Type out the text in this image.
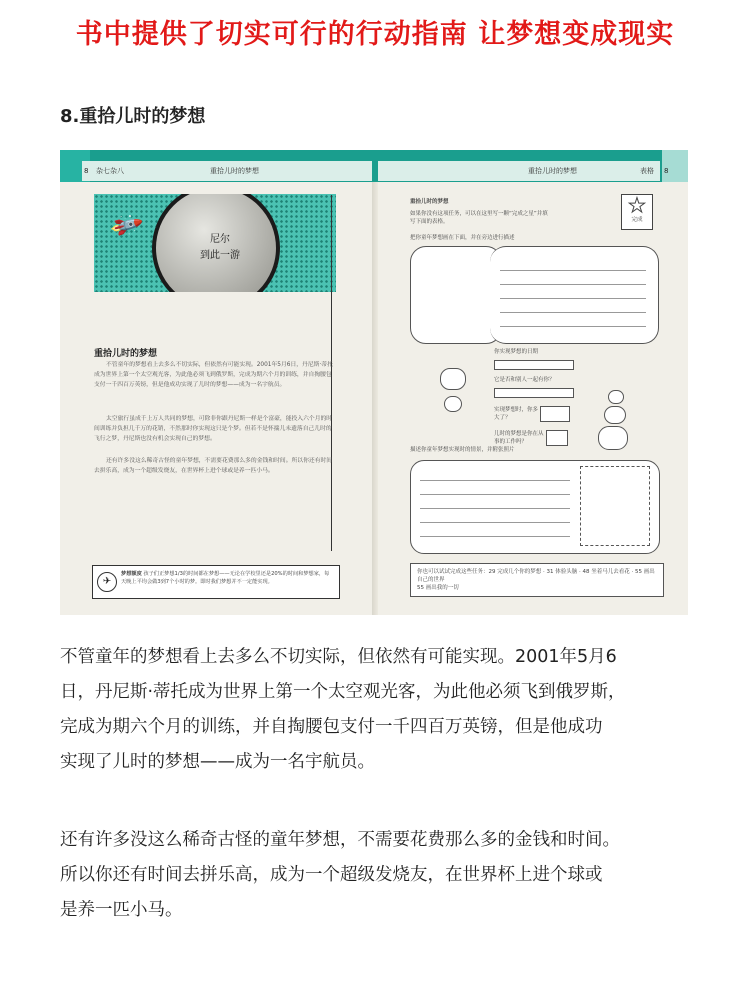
书中提供了切实可行的行动指南 让梦想变成现实
8.重拾儿时的梦想
杂七杂八	重拾儿时的梦想	重拾儿时的梦想	表格
8	8
🚀	尼尔
到此一游
重拾儿时的梦想
不管童年的梦想看上去多么不切实际，但依然有可能实现。2001年5月6日，丹尼斯·蒂托成为世界上第一个太空观光客，为此他必须飞到俄罗斯，完成为期六个月的训练，并自掏腰包支付一千四百万英镑，但是他成功实现了儿时的梦想——成为一名宇航员。
太空旅行虽成千上万人共同的梦想，可除非你跟丹尼斯一样是个富豪，能投入六个月的时间训练并负担几千万的花销，不然那时你实现这只是个梦。但若不是怀揣儿未遗落自己儿时的飞行之梦，丹尼斯也没有机会实现自己的梦想。
还有许多没这么稀奇古怪的童年梦想，不需要花费那么多的金钱和时间。所以你还有时间去拼乐高，成为一个超级发烧友，在世界杯上进个球或是养一匹小马。
✈
梦想额度 孩子们正梦想1/3的时间都在梦想——无论在学校里还是20%的时间和梦想家，每天晚上平均会做3到7个小时的梦。即时我们梦想并不一定能实现。
重拾儿时的梦想
如果你没有这项任务，可以在这里写一颗“完成之星”并填写下面的表格。
★
完成
把你童年梦想画在下面，并在旁边进行描述
你实现梦想的日期
它是否和别人一起有你？
实现梦想时，你多大了？
儿时的梦想是你在从事的工作吗？
描述你童年梦想实现时的情景，并附张照片
你也可以试试完成这些任务：29 完成几个你的梦想 · 31 体验头脑 · 48 坐着马儿去看花 · 55 画出自己的世界
55 画出我的一切

不管童年的梦想看上去多么不切实际，但依然有可能实现。2001年5月6
日，丹尼斯·蒂托成为世界上第一个太空观光客，为此他必须飞到俄罗斯，
完成为期六个月的训练，并自掏腰包支付一千四百万英镑，但是他成功
实现了儿时的梦想——成为一名宇航员。

还有许多没这么稀奇古怪的童年梦想，不需要花费那么多的金钱和时间。
所以你还有时间去拼乐高，成为一个超级发烧友，在世界杯上进个球或
是养一匹小马。
